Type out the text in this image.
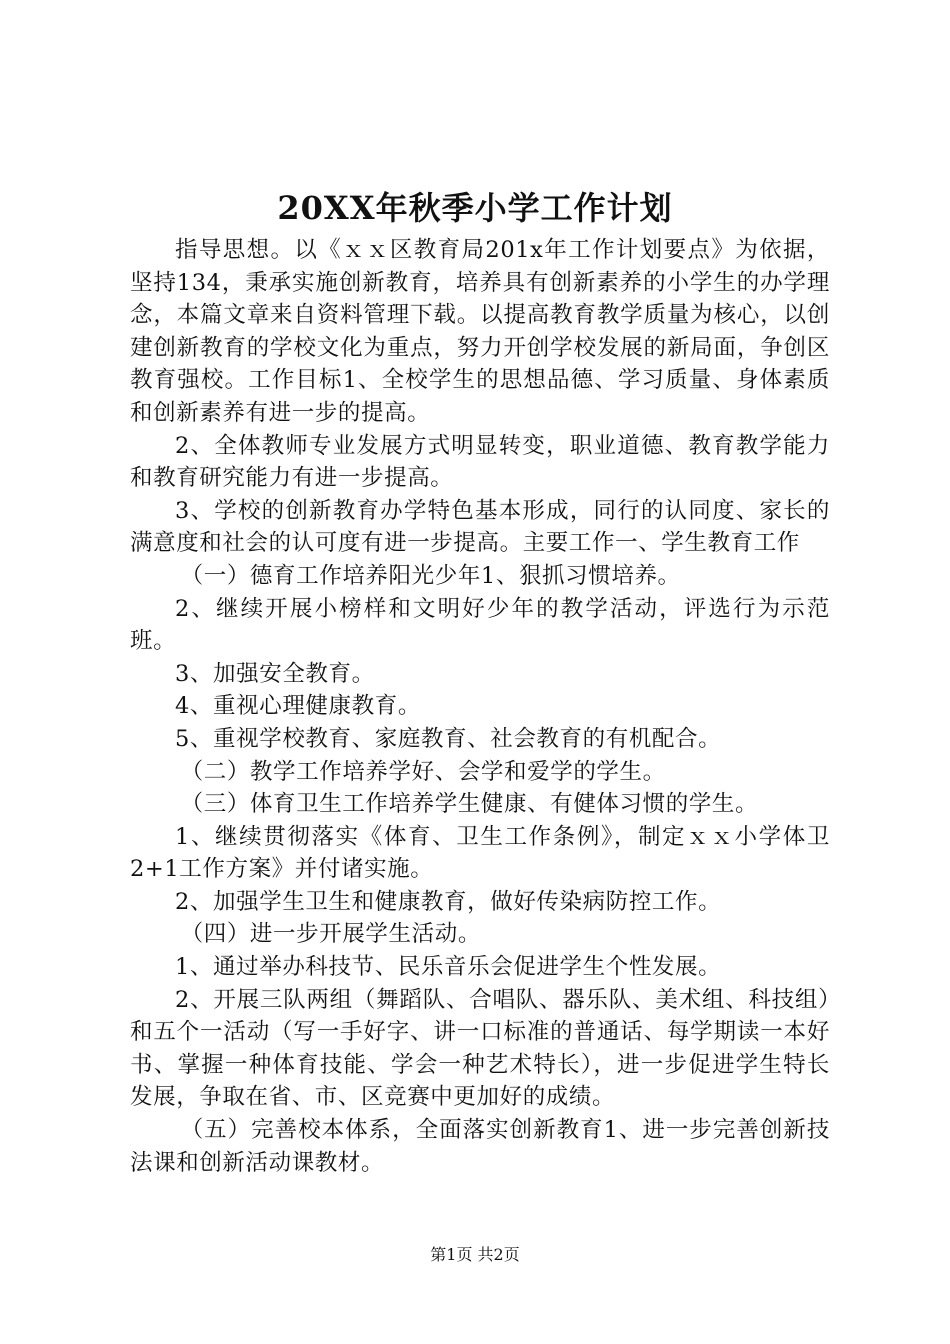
20XX年秋季小学工作计划

指导思想。以《ｘｘ区教育局201x年工作计划要点》为依据，坚持134，秉承实施创新教育，培养具有创新素养的小学生的办学理念，本篇文章来自资料管理下载。以提高教育教学质量为核心，以创建创新教育的学校文化为重点，努力开创学校发展的新局面，争创区教育强校。工作目标1、全校学生的思想品德、学习质量、身体素质和创新素养有进一步的提高。

2、全体教师专业发展方式明显转变，职业道德、教育教学能力和教育研究能力有进一步提高。

3、学校的创新教育办学特色基本形成，同行的认同度、家长的满意度和社会的认可度有进一步提高。主要工作一、学生教育工作

（一）德育工作培养阳光少年1、狠抓习惯培养。

2、继续开展小榜样和文明好少年的教学活动，评选行为示范班。

3、加强安全教育。

4、重视心理健康教育。

5、重视学校教育、家庭教育、社会教育的有机配合。

（二）教学工作培养学好、会学和爱学的学生。

（三）体育卫生工作培养学生健康、有健体习惯的学生。

1、继续贯彻落实《体育、卫生工作条例》，制定ｘｘ小学体卫2+1工作方案》并付诸实施。

2、加强学生卫生和健康教育，做好传染病防控工作。

（四）进一步开展学生活动。

1、通过举办科技节、民乐音乐会促进学生个性发展。

2、开展三队两组（舞蹈队、合唱队、器乐队、美术组、科技组）和五个一活动（写一手好字、讲一口标准的普通话、每学期读一本好书、掌握一种体育技能、学会一种艺术特长），进一步促进学生特长发展，争取在省、市、区竞赛中更加好的成绩。

（五）完善校本体系，全面落实创新教育1、进一步完善创新技法课和创新活动课教材。

第1页 共2页
